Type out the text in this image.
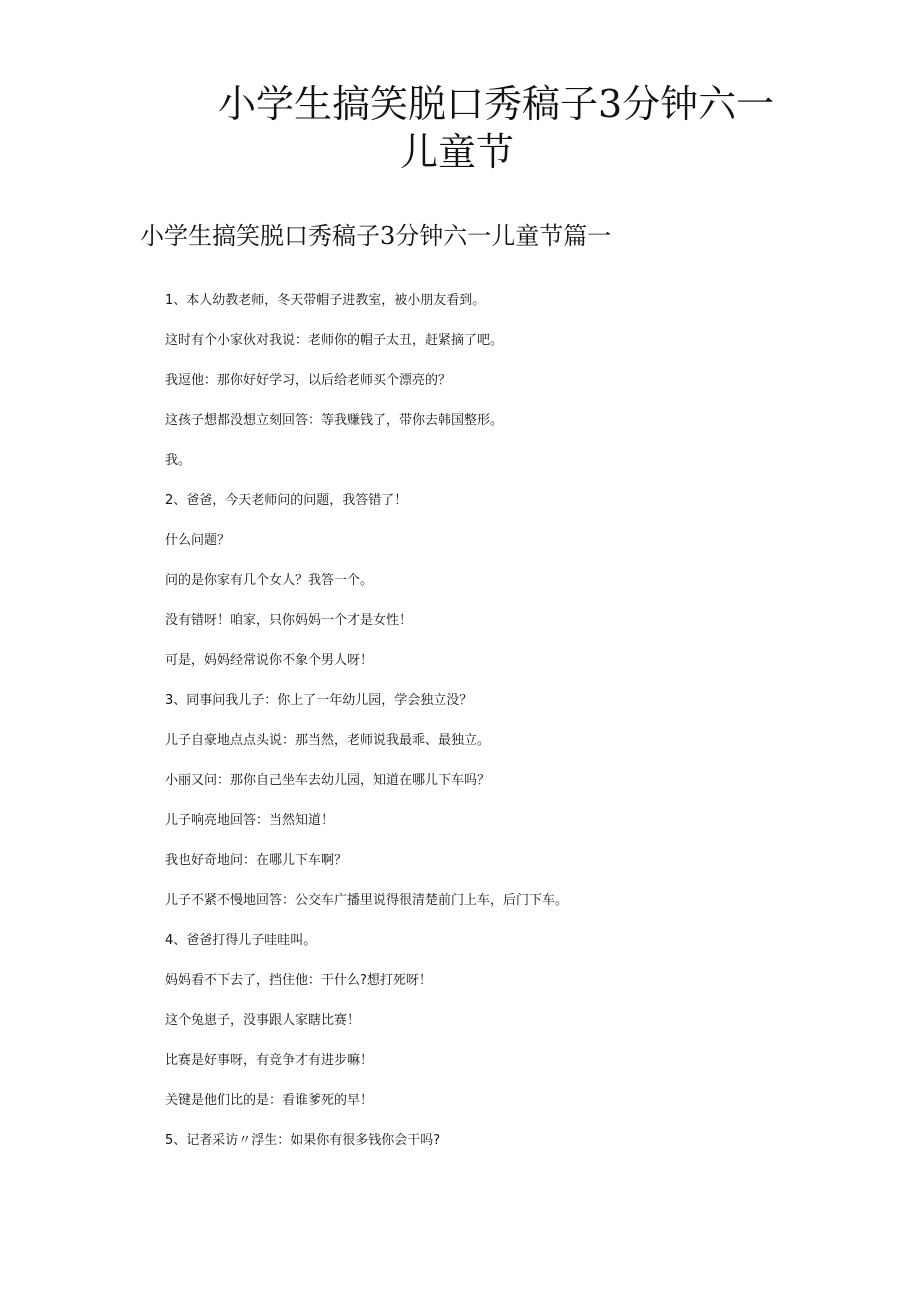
小学生搞笑脱口秀稿子3分钟六一
儿童节
小学生搞笑脱口秀稿子3分钟六一儿童节篇一
1、本人幼教老师，冬天带帽子进教室，被小朋友看到。
这时有个小家伙对我说：老师你的帽子太丑，赶紧摘了吧。
我逗他：那你好好学习，以后给老师买个漂亮的？
这孩子想都没想立刻回答：等我赚钱了，带你去韩国整形。
我。
2、爸爸，今天老师问的问题，我答错了！
什么问题？
问的是你家有几个女人？我答一个。
没有错呀！咱家，只你妈妈一个才是女性！
可是，妈妈经常说你不象个男人呀！
3、同事问我儿子：你上了一年幼儿园，学会独立没？
儿子自豪地点点头说：那当然，老师说我最乖、最独立。
小丽又问：那你自己坐车去幼儿园，知道在哪儿下车吗？
儿子响亮地回答：当然知道！
我也好奇地问：在哪儿下车啊？
儿子不紧不慢地回答：公交车广播里说得很清楚前门上车，后门下车。
4、爸爸打得儿子哇哇叫。
妈妈看不下去了，挡住他：干什么?想打死呀！
这个兔崽子，没事跟人家瞎比赛！
比赛是好事呀，有竞争才有进步嘛！
关键是他们比的是：看谁爹死的早！
5、记者采访〃浮生：如果你有很多钱你会干吗?
